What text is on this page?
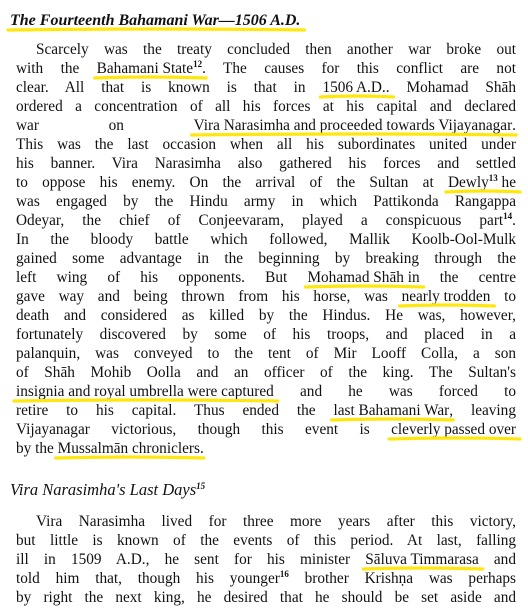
The Fourteenth Bahamani War—1506 A.D.
Scarcely was the treaty concluded then another war broke out
with the Bahamani State$^{12}$. The causes for this conflict are not
clear. All that is known is that in 1506 A.D.. Mohamad Shāh
ordered a concentration of all his forces at his capital and declared
war on Vira Narasimha and proceeded towards Vijayanagar.
This was the last occasion when all his subordinates united under
his banner. Vira Narasimha also gathered his forces and settled
to oppose his enemy. On the arrival of the Sultan at Dewly$^{13}$ he
was engaged by the Hindu army in which Pattikonda Rangappa
Odeyar, the chief of Conjeevaram, played a conspicuous part$^{14}$.
In the bloody battle which followed, Mallik Koolb-Ool-Mulk
gained some advantage in the beginning by breaking through the
left wing of his opponents. But Mohamad Shāh in the centre
gave way and being thrown from his horse, was nearly trodden to
death and considered as killed by the Hindus. He was, however,
fortunately discovered by some of his troops, and placed in a
palanquin, was conveyed to the tent of Mir Looff Colla, a son
of Shāh Mohib Oolla and an officer of the king. The Sultan's
insignia and royal umbrella were captured and he was forced to
retire to his capital. Thus ended the last Bahamani War, leaving
Vijayanagar victorious, though this event is cleverly passed over
by the Mussalmān chroniclers.
Vira Narasimha's Last Days$^{15}$
Vira Narasimha lived for three more years after this victory,
but little is known of the events of this period. At last, falling
ill in 1509 A.D., he sent for his minister Sāluva Timmarasa and
told him that, though his younger$^{16}$ brother Krishṇa was perhaps
by right the next king, he desired that he should be set aside and
